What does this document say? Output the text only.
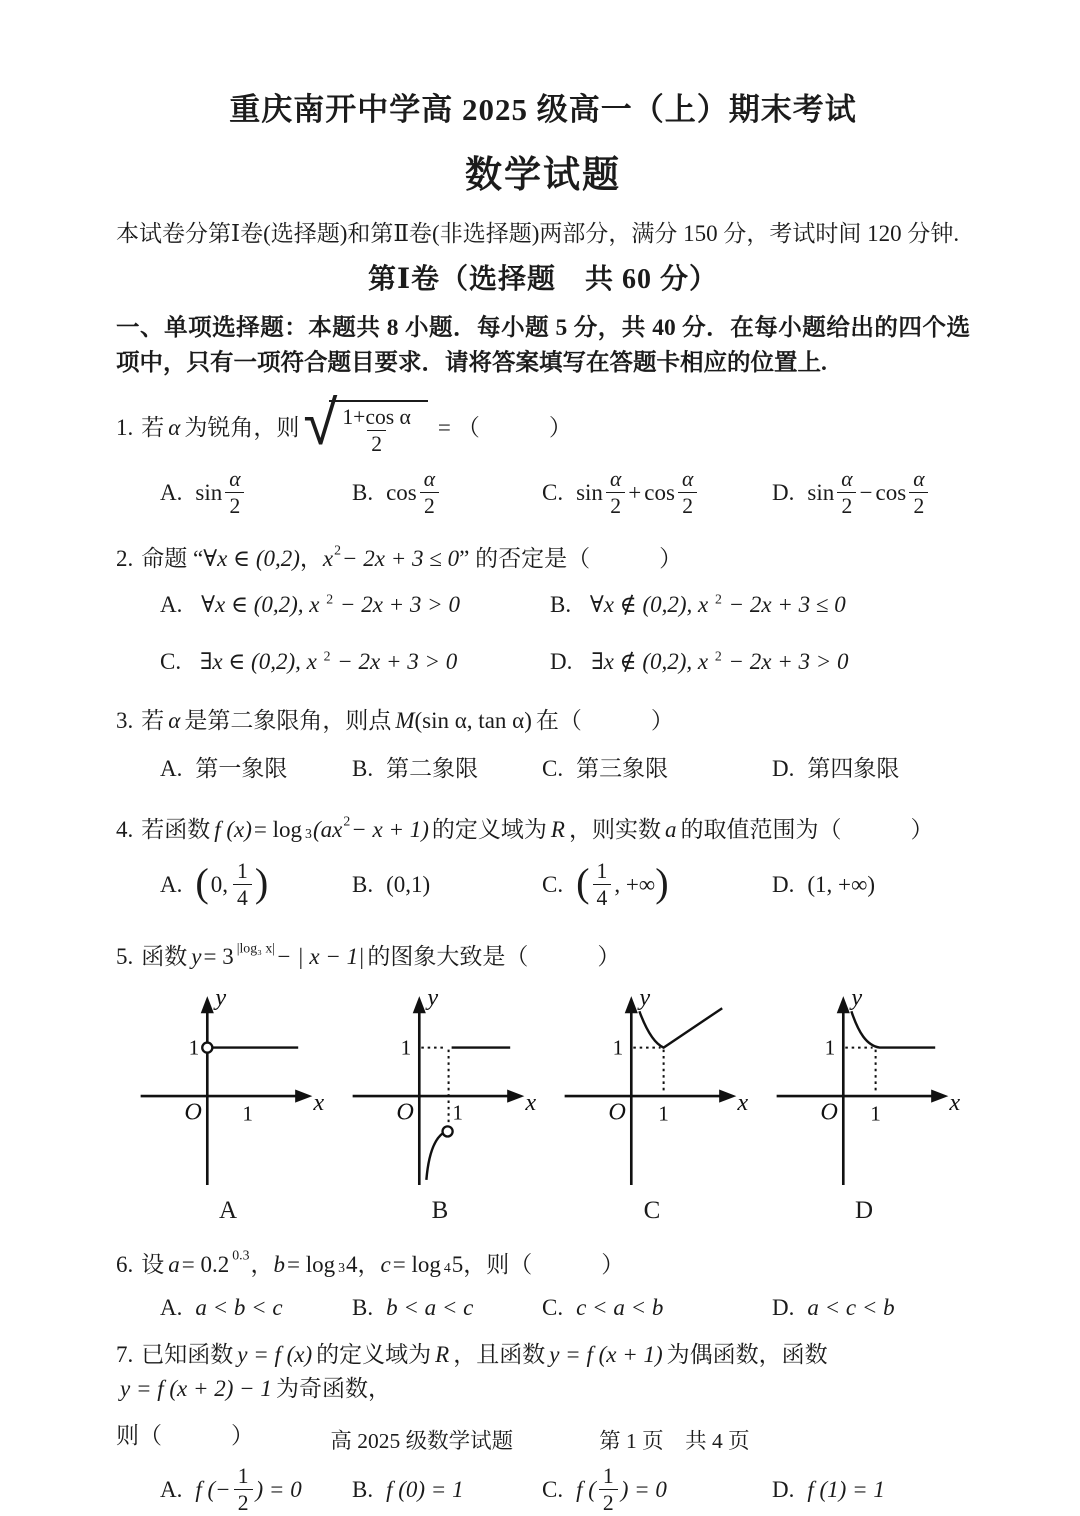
重庆南开中学高 2025 级高一（上）期末考试
数学试题
本试卷分第Ⅰ卷(选择题)和第Ⅱ卷(非选择题)两部分，满分 150 分，考试时间 120 分钟.
第Ⅰ卷（选择题　共 60 分）
一、单项选择题：本题共 8 小题．每小题 5 分，共 40 分．在每小题给出的四个选项中，只有一项符合题目要求．请将答案填写在答题卡相应的位置上.
1. 若 α 为锐角，则 √ $\frac{\text{1+cos α}}{2}$ = （　　　）
A. $\sin \frac{\alpha}{2}$	B. $\cos \frac{\alpha}{2}$	C. $\sin \frac{\alpha}{2} + \cos \frac{\alpha}{2}$	D. $\sin \frac{\alpha}{2} - \cos \frac{\alpha}{2}$
2. 命题 “ ∀x ∈ (0,2) ， x 2 − 2x + 3 ≤ 0 ” 的否定是 （　　　）
A. ∀x ∈ (0,2), x 2 − 2x + 3 > 0	B. ∀x ∉ (0,2), x 2 − 2x + 3 ≤ 0
C. ∃x ∈ (0,2), x 2 − 2x + 3 > 0	D. ∃x ∉ (0,2), x 2 − 2x + 3 > 0
3. 若 α 是第二象限角，则点 M (sin α, tan α) 在 （　　　）
A. 第一象限	B. 第二象限	C. 第三象限	D. 第四象限
4. 若函数 f (x) = log 3 (ax 2 − x + 1) 的定义域为 R ，则实数 a 的取值范围为 （　　　）
A. ( 0, $\frac{1}{4}$ )	B. (0,1)	C. ( $\frac{1}{4}$ , +∞ )	D. (1, +∞)
5. 函数 y = 3 |log₃ x| − | x − 1| 的图象大致是 （　　　）
1
1
O
y
x
A
1
1
O
y
x
B
1
1
O
y
x
C
1
1
O
y
x
D
6. 设 a = 0.2 0.3 ， b = log 3 4 ， c = log 4 5 ，则 （　　　）
A. a < b < c	B. b < a < c	C. c < a < b	D. a < c < b
7. 已知函数 y = f (x) 的定义域为 R ，且函数 y = f (x + 1) 为偶函数，函数
y = f (x + 2) − 1 为奇函数，
则 （　　　）
A. f (− $\frac{1}{2}$ ) = 0 B. f (0) = 1	C. f ( $\frac{1}{2}$ ) = 0	D. f (1) = 1
高 2025 级数学试题	第 1 页　共 4 页
